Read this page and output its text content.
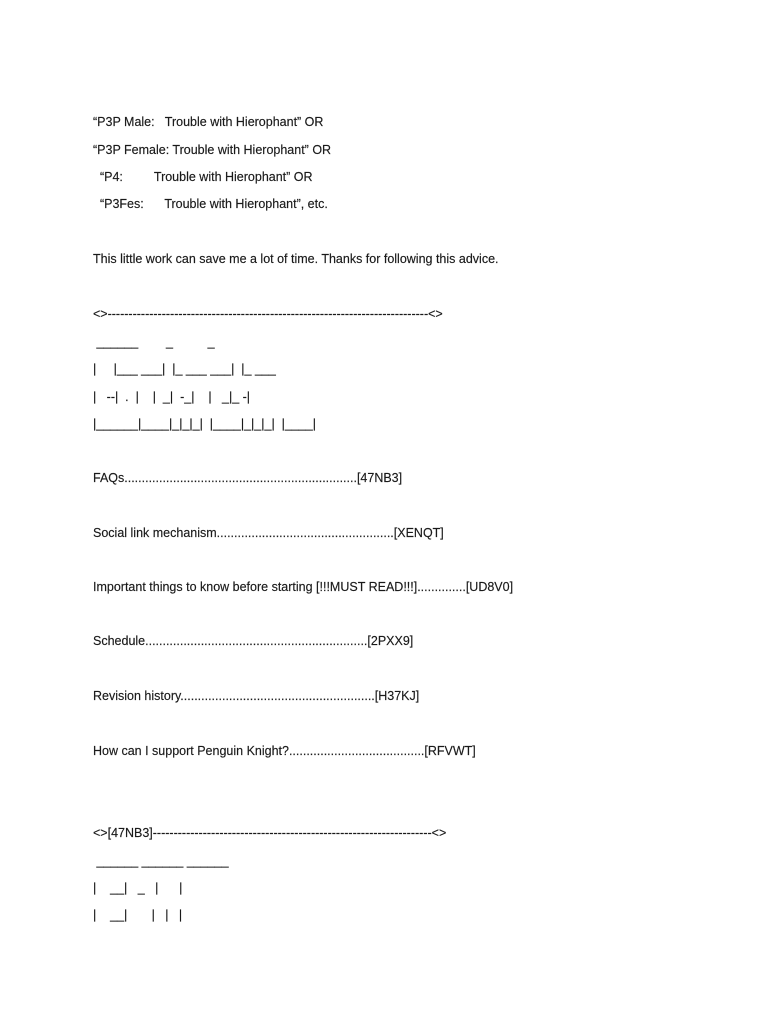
“P3P Male:   Trouble with Hierophant” OR
“P3P Female: Trouble with Hierophant” OR
“P4:         Trouble with Hierophant” OR
“P3Fes:      Trouble with Hierophant”, etc.
This little work can save me a lot of time. Thanks for following this advice.
<>-----------------------------------------------------------------------------<>
______        _          _
|     |___ ___|  |_ ___ ___|  |_ ___
|   --|  .  |    |  _|  -_|    |   _|_ -|
|______|____|_|_|_|  |____|_|_|_|  |____|
FAQs...................................................................[47NB3]
Social link mechanism...................................................[XENQT]
Important things to know before starting [!!!MUST READ!!!]..............[UD8V0]
Schedule................................................................[2PXX9]
Revision history........................................................[H37KJ]
How can I support Penguin Knight?.......................................[RFVWT]
<>[47NB3]-------------------------------------------------------------------<>
______ ______ ______
|    __|   _   |      |
|    __|       |   |   |
